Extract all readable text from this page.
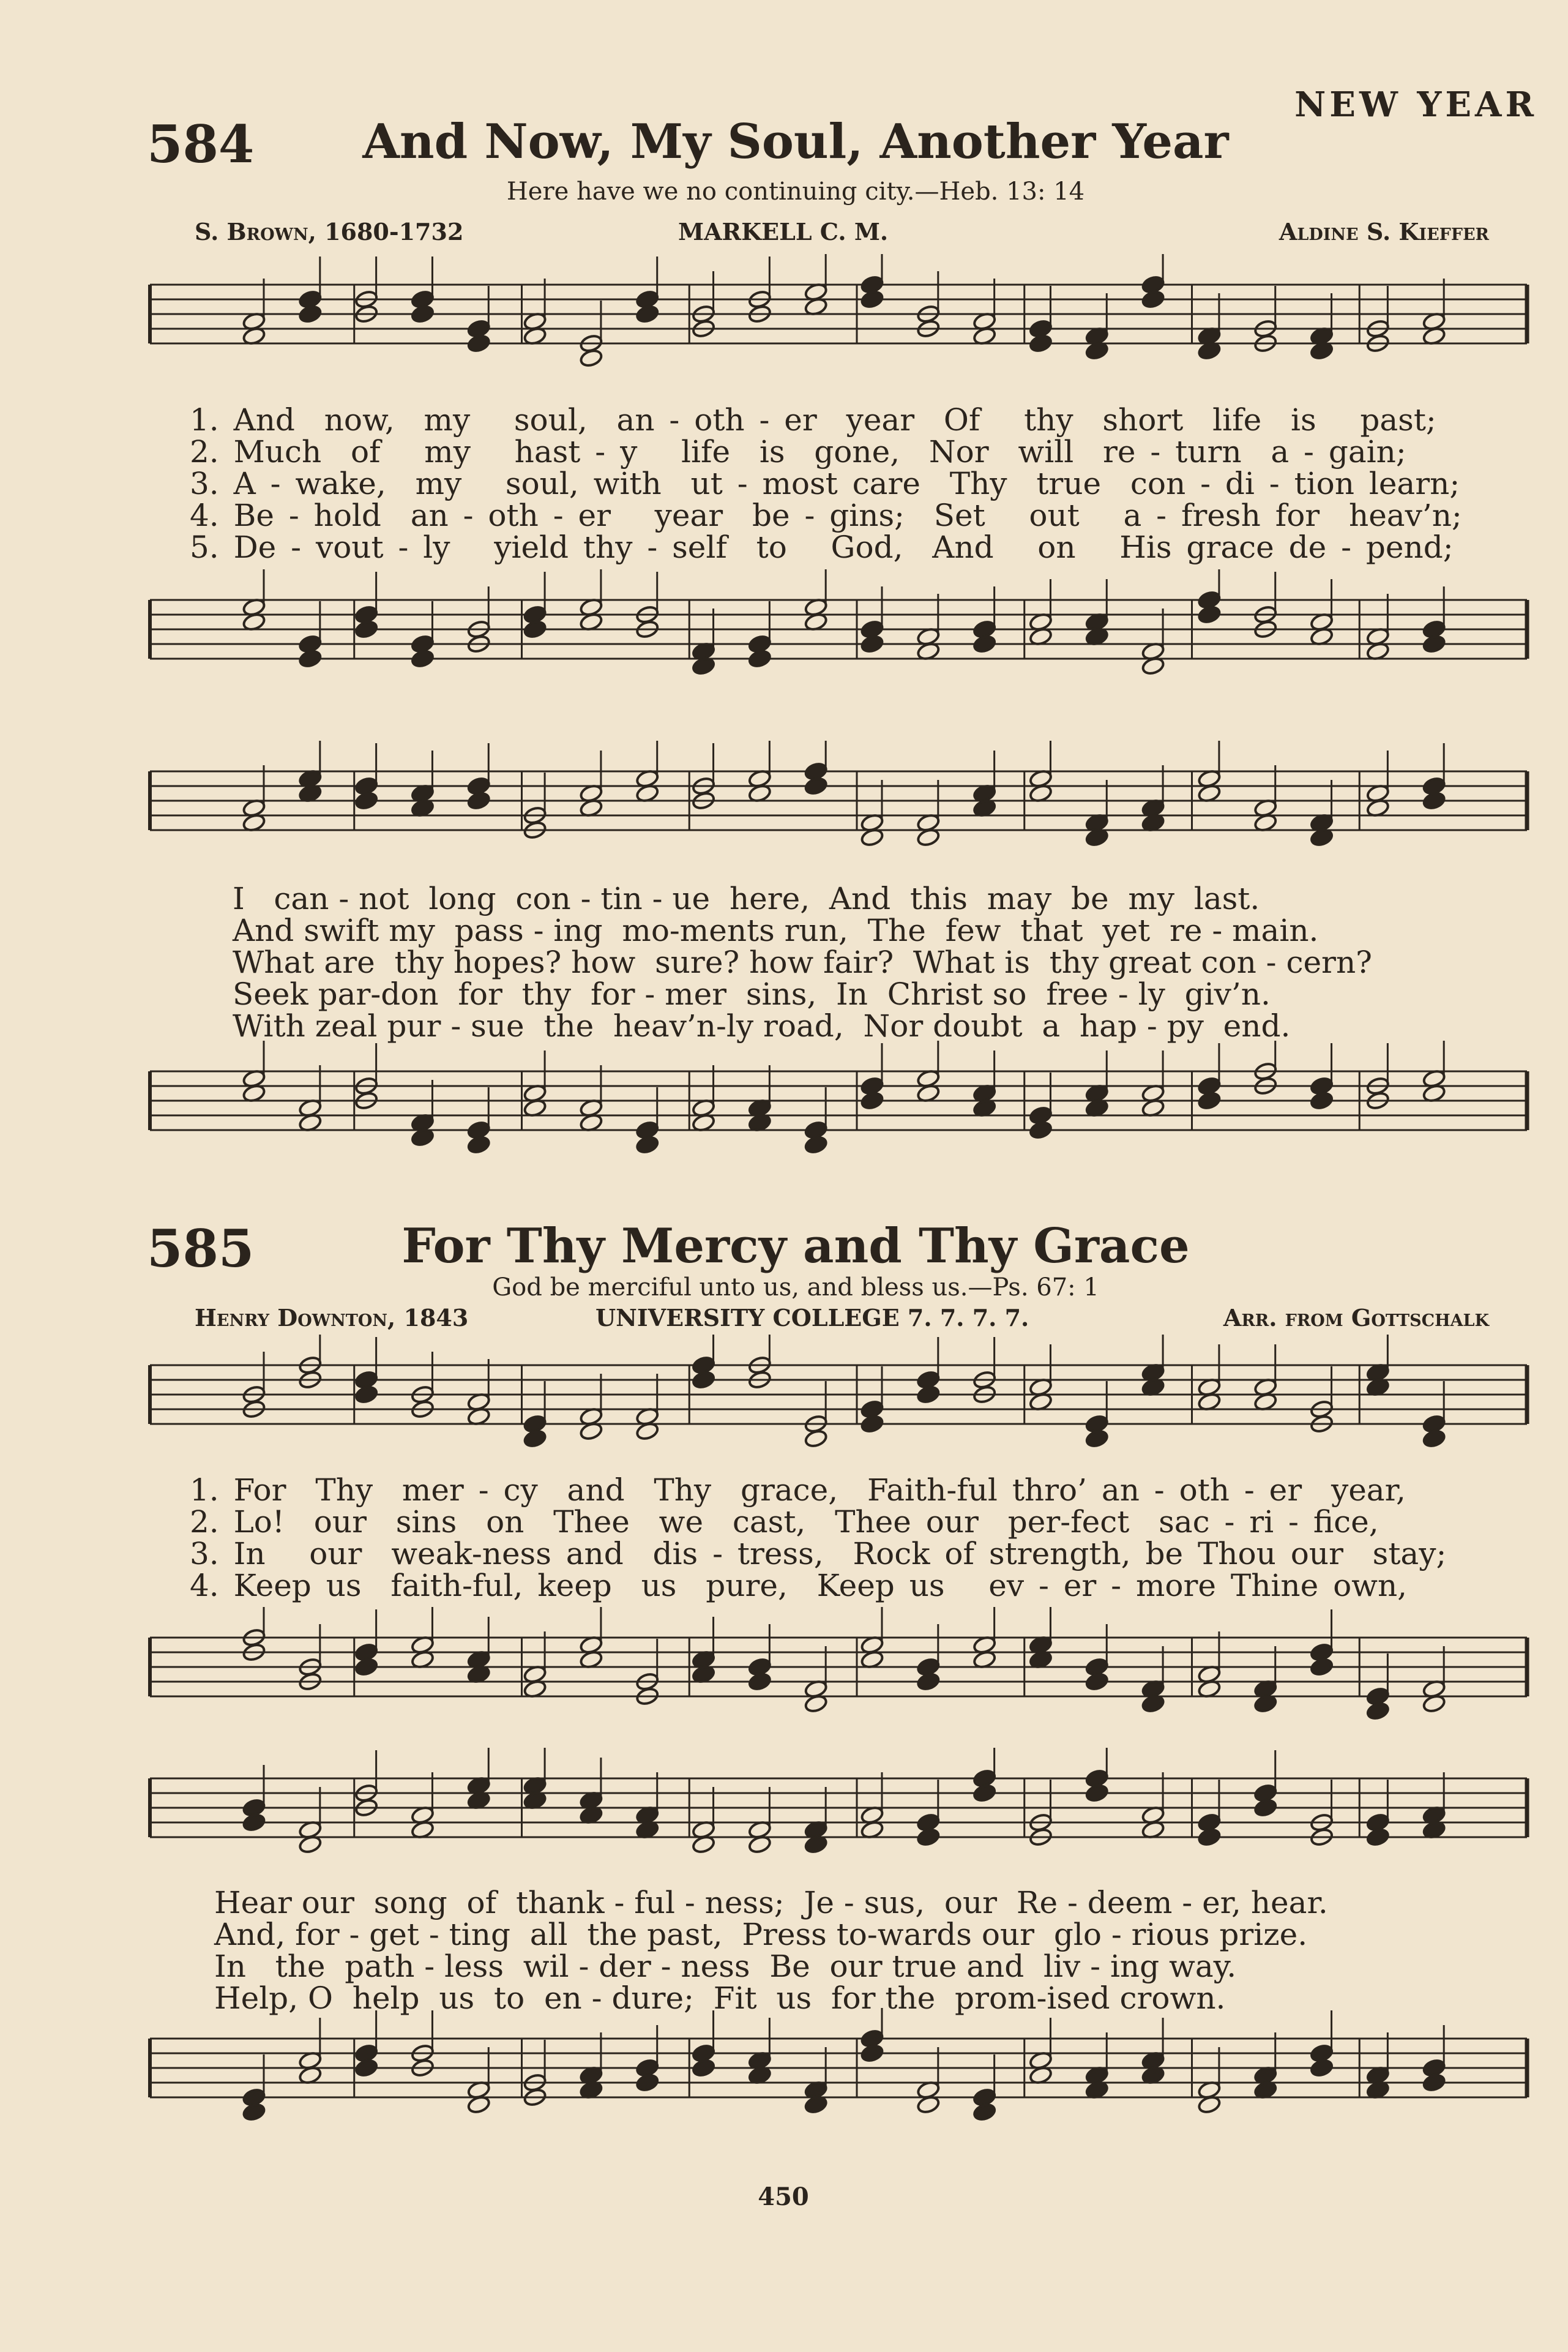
NEW YEAR
584	And Now, My Soul, Another Year
Here have we no continuing city.—Heb. 13: 14
S. Brown, 1680-1732	MARKELL C. M.	Aldine S. Kieffer
1. And  now,  my   soul,  an - oth - er  year  Of   thy  short  life  is   past;
2. Much  of   my   hast - y   life  is  gone,  Nor  will  re - turn  a - gain;
3. A - wake,  my   soul, with  ut - most care  Thy  true  con - di - tion learn;
4. Be - hold  an - oth - er   year  be - gins;  Set   out   a - fresh for  heav’n;
5. De - vout - ly   yield thy - self  to   God,  And   on   His grace de - pend;
I   can - not  long  con - tin - ue  here,  And  this  may  be  my  last.
And swift my  pass - ing  mo-ments run,  The  few  that  yet  re - main.
What are  thy hopes? how  sure? how fair?  What is  thy great con - cern?
Seek par-don  for  thy  for - mer  sins,  In  Christ so  free - ly  giv’n.
With zeal pur - sue  the  heav’n-ly road,  Nor doubt  a  hap - py  end.
585	For Thy Mercy and Thy Grace
God be merciful unto us, and bless us.—Ps. 67: 1
Henry Downton, 1843	UNIVERSITY COLLEGE 7. 7. 7. 7.	Arr. from Gottschalk
1. For  Thy  mer - cy  and  Thy  grace,  Faith-ful thro’ an - oth - er  year,
2. Lo!  our  sins  on  Thee  we  cast,  Thee our  per-fect  sac - ri - fice,
3. In   our  weak-ness and  dis - tress,  Rock of strength, be Thou our  stay;
4. Keep us  faith-ful, keep  us  pure,  Keep us   ev - er - more Thine own,
Hear our  song  of  thank - ful - ness;  Je - sus,  our  Re - deem - er, hear.
And, for - get - ting  all  the past,  Press to-wards our  glo - rious prize.
In   the  path - less  wil - der - ness  Be  our true and  liv - ing way.
Help, O  help  us  to  en - dure;  Fit  us  for the  prom-ised crown.
450
